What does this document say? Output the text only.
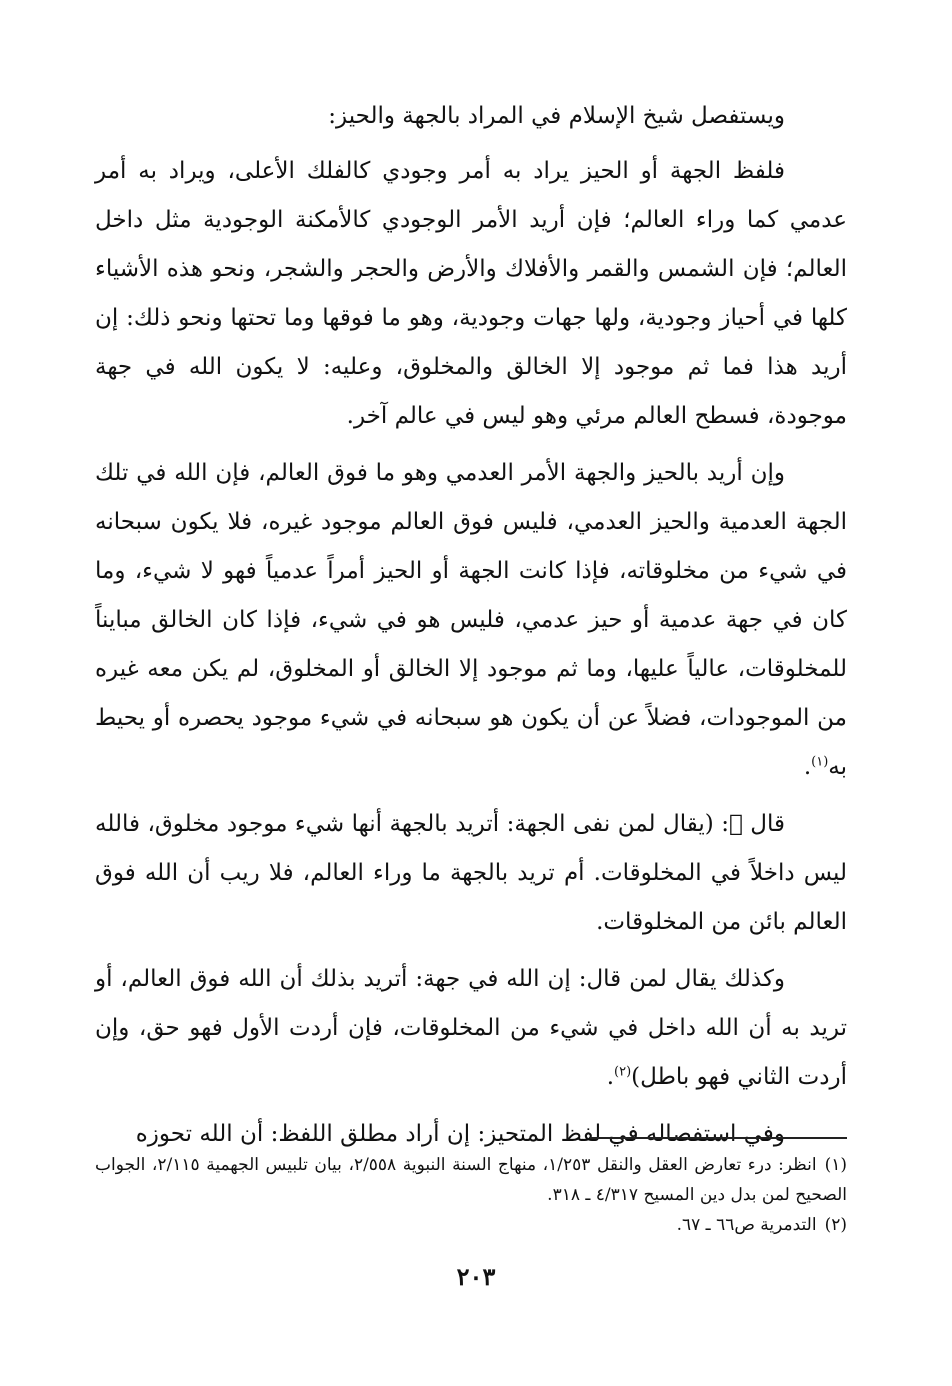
ويستفصل شيخ الإسلام في المراد بالجهة والحيز:

فلفظ الجهة أو الحيز يراد به أمر وجودي كالفلك الأعلى، ويراد به أمر عدمي كما وراء العالم؛ فإن أريد الأمر الوجودي كالأمكنة الوجودية مثل داخل العالم؛ فإن الشمس والقمر والأفلاك والأرض والحجر والشجر، ونحو هذه الأشياء كلها في أحياز وجودية، ولها جهات وجودية، وهو ما فوقها وما تحتها ونحو ذلك: إن أريد هذا فما ثم موجود إلا الخالق والمخلوق، وعليه: لا يكون الله في جهة موجودة، فسطح العالم مرئي وهو ليس في عالم آخر.

وإن أريد بالحيز والجهة الأمر العدمي وهو ما فوق العالم، فإن الله في تلك الجهة العدمية والحيز العدمي، فليس فوق العالم موجود غيره، فلا يكون سبحانه في شيء من مخلوقاته، فإذا كانت الجهة أو الحيز أمراً عدمياً فهو لا شيء، وما كان في جهة عدمية أو حيز عدمي، فليس هو في شيء، فإذا كان الخالق مبايناً للمخلوقات، عالياً عليها، وما ثم موجود إلا الخالق أو المخلوق، لم يكن معه غيره من الموجودات، فضلاً عن أن يكون هو سبحانه في شيء موجود يحصره أو يحيط به$^{(١)}$.

قال ﷬: (يقال لمن نفى الجهة: أتريد بالجهة أنها شيء موجود مخلوق، فالله ليس داخلاً في المخلوقات. أم تريد بالجهة ما وراء العالم، فلا ريب أن الله فوق العالم بائن من المخلوقات.

وكذلك يقال لمن قال: إن الله في جهة: أتريد بذلك أن الله فوق العالم، أو تريد به أن الله داخل في شيء من المخلوقات، فإن أردت الأول فهو حق، وإن أردت الثاني فهو باطل)$^{(٢)}$.

وفي استفصاله في لفظ المتحيز: إن أراد مطلق اللفظ: أن الله تحوزه

(١)انظر: درء تعارض العقل والنقل ١/٢٥٣، منهاج السنة النبوية ٢/٥٥٨، بيان تلبيس الجهمية ٢/١١٥، الجواب الصحيح لمن بدل دين المسيح ٤/٣١٧ ـ ٣١٨.

(٢)التدمرية ص٦٦ ـ ٦٧.

٢٠٣
